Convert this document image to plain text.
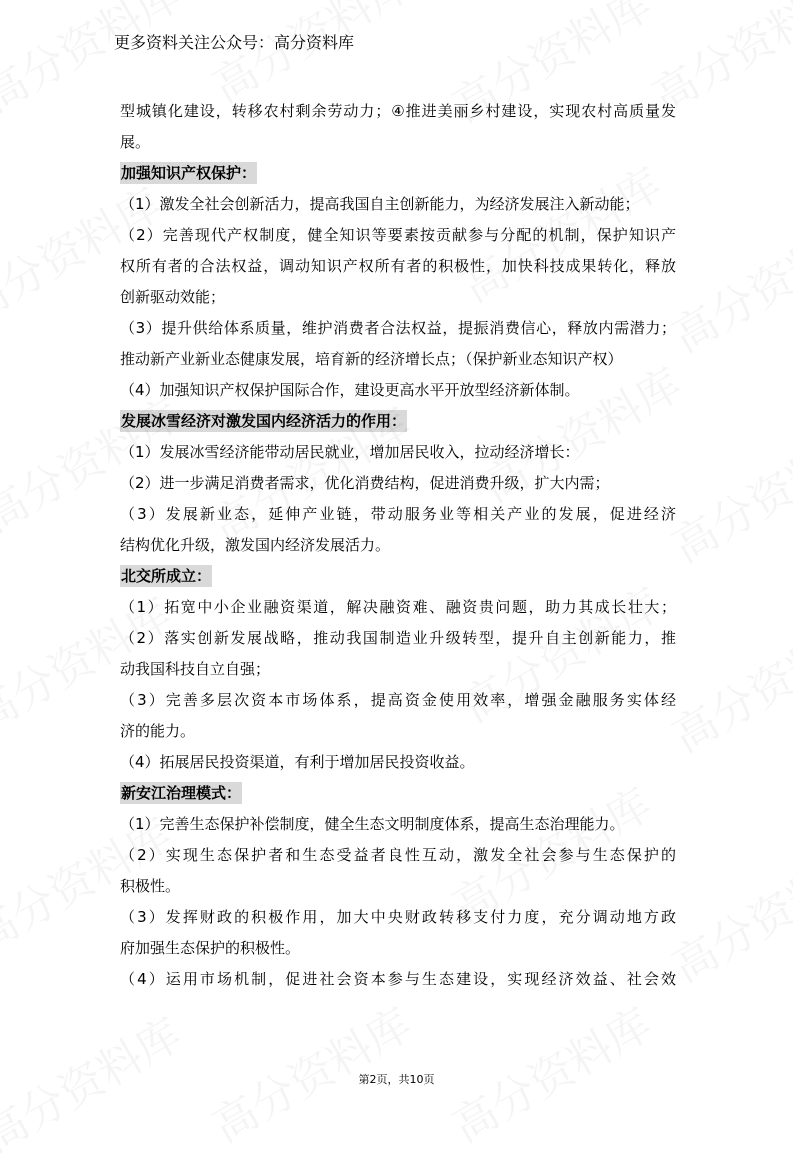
更多资料关注公众号：高分资料库
型城镇化建设，转移农村剩余劳动力；④推进美丽乡村建设，实现农村高质量发
展。
加强知识产权保护：
（1）激发全社会创新活力，提高我国自主创新能力，为经济发展注入新动能；
（2）完善现代产权制度，健全知识等要素按贡献参与分配的机制，保护知识产
权所有者的合法权益，调动知识产权所有者的积极性，加快科技成果转化，释放
创新驱动效能；
（3）提升供给体系质量，维护消费者合法权益，提振消费信心，释放内需潜力；
推动新产业新业态健康发展，培育新的经济增长点；（保护新业态知识产权）
（4）加强知识产权保护国际合作，建设更高水平开放型经济新体制。
发展冰雪经济对激发国内经济活力的作用：
（1）发展冰雪经济能带动居民就业，增加居民收入，拉动经济增长：
（2）进一步满足消费者需求，优化消费结构，促进消费升级，扩大内需；
（3）发展新业态，延伸产业链，带动服务业等相关产业的发展，促进经济
结构优化升级，激发国内经济发展活力。
北交所成立：
（1）拓宽中小企业融资渠道，解决融资难、融资贵问题，助力其成长壮大；
（2）落实创新发展战略，推动我国制造业升级转型，提升自主创新能力，推
动我国科技自立自强；
（3）完善多层次资本市场体系，提高资金使用效率，增强金融服务实体经
济的能力。
（4）拓展居民投资渠道，有利于增加居民投资收益。
新安江治理模式：
（1）完善生态保护补偿制度，健全生态文明制度体系，提高生态治理能力。
（2）实现生态保护者和生态受益者良性互动，激发全社会参与生态保护的
积极性。
（3）发挥财政的积极作用，加大中央财政转移支付力度，充分调动地方政
府加强生态保护的积极性。
（4）运用市场机制，促进社会资本参与生态建设，实现经济效益、社会效
第2页，共10页
